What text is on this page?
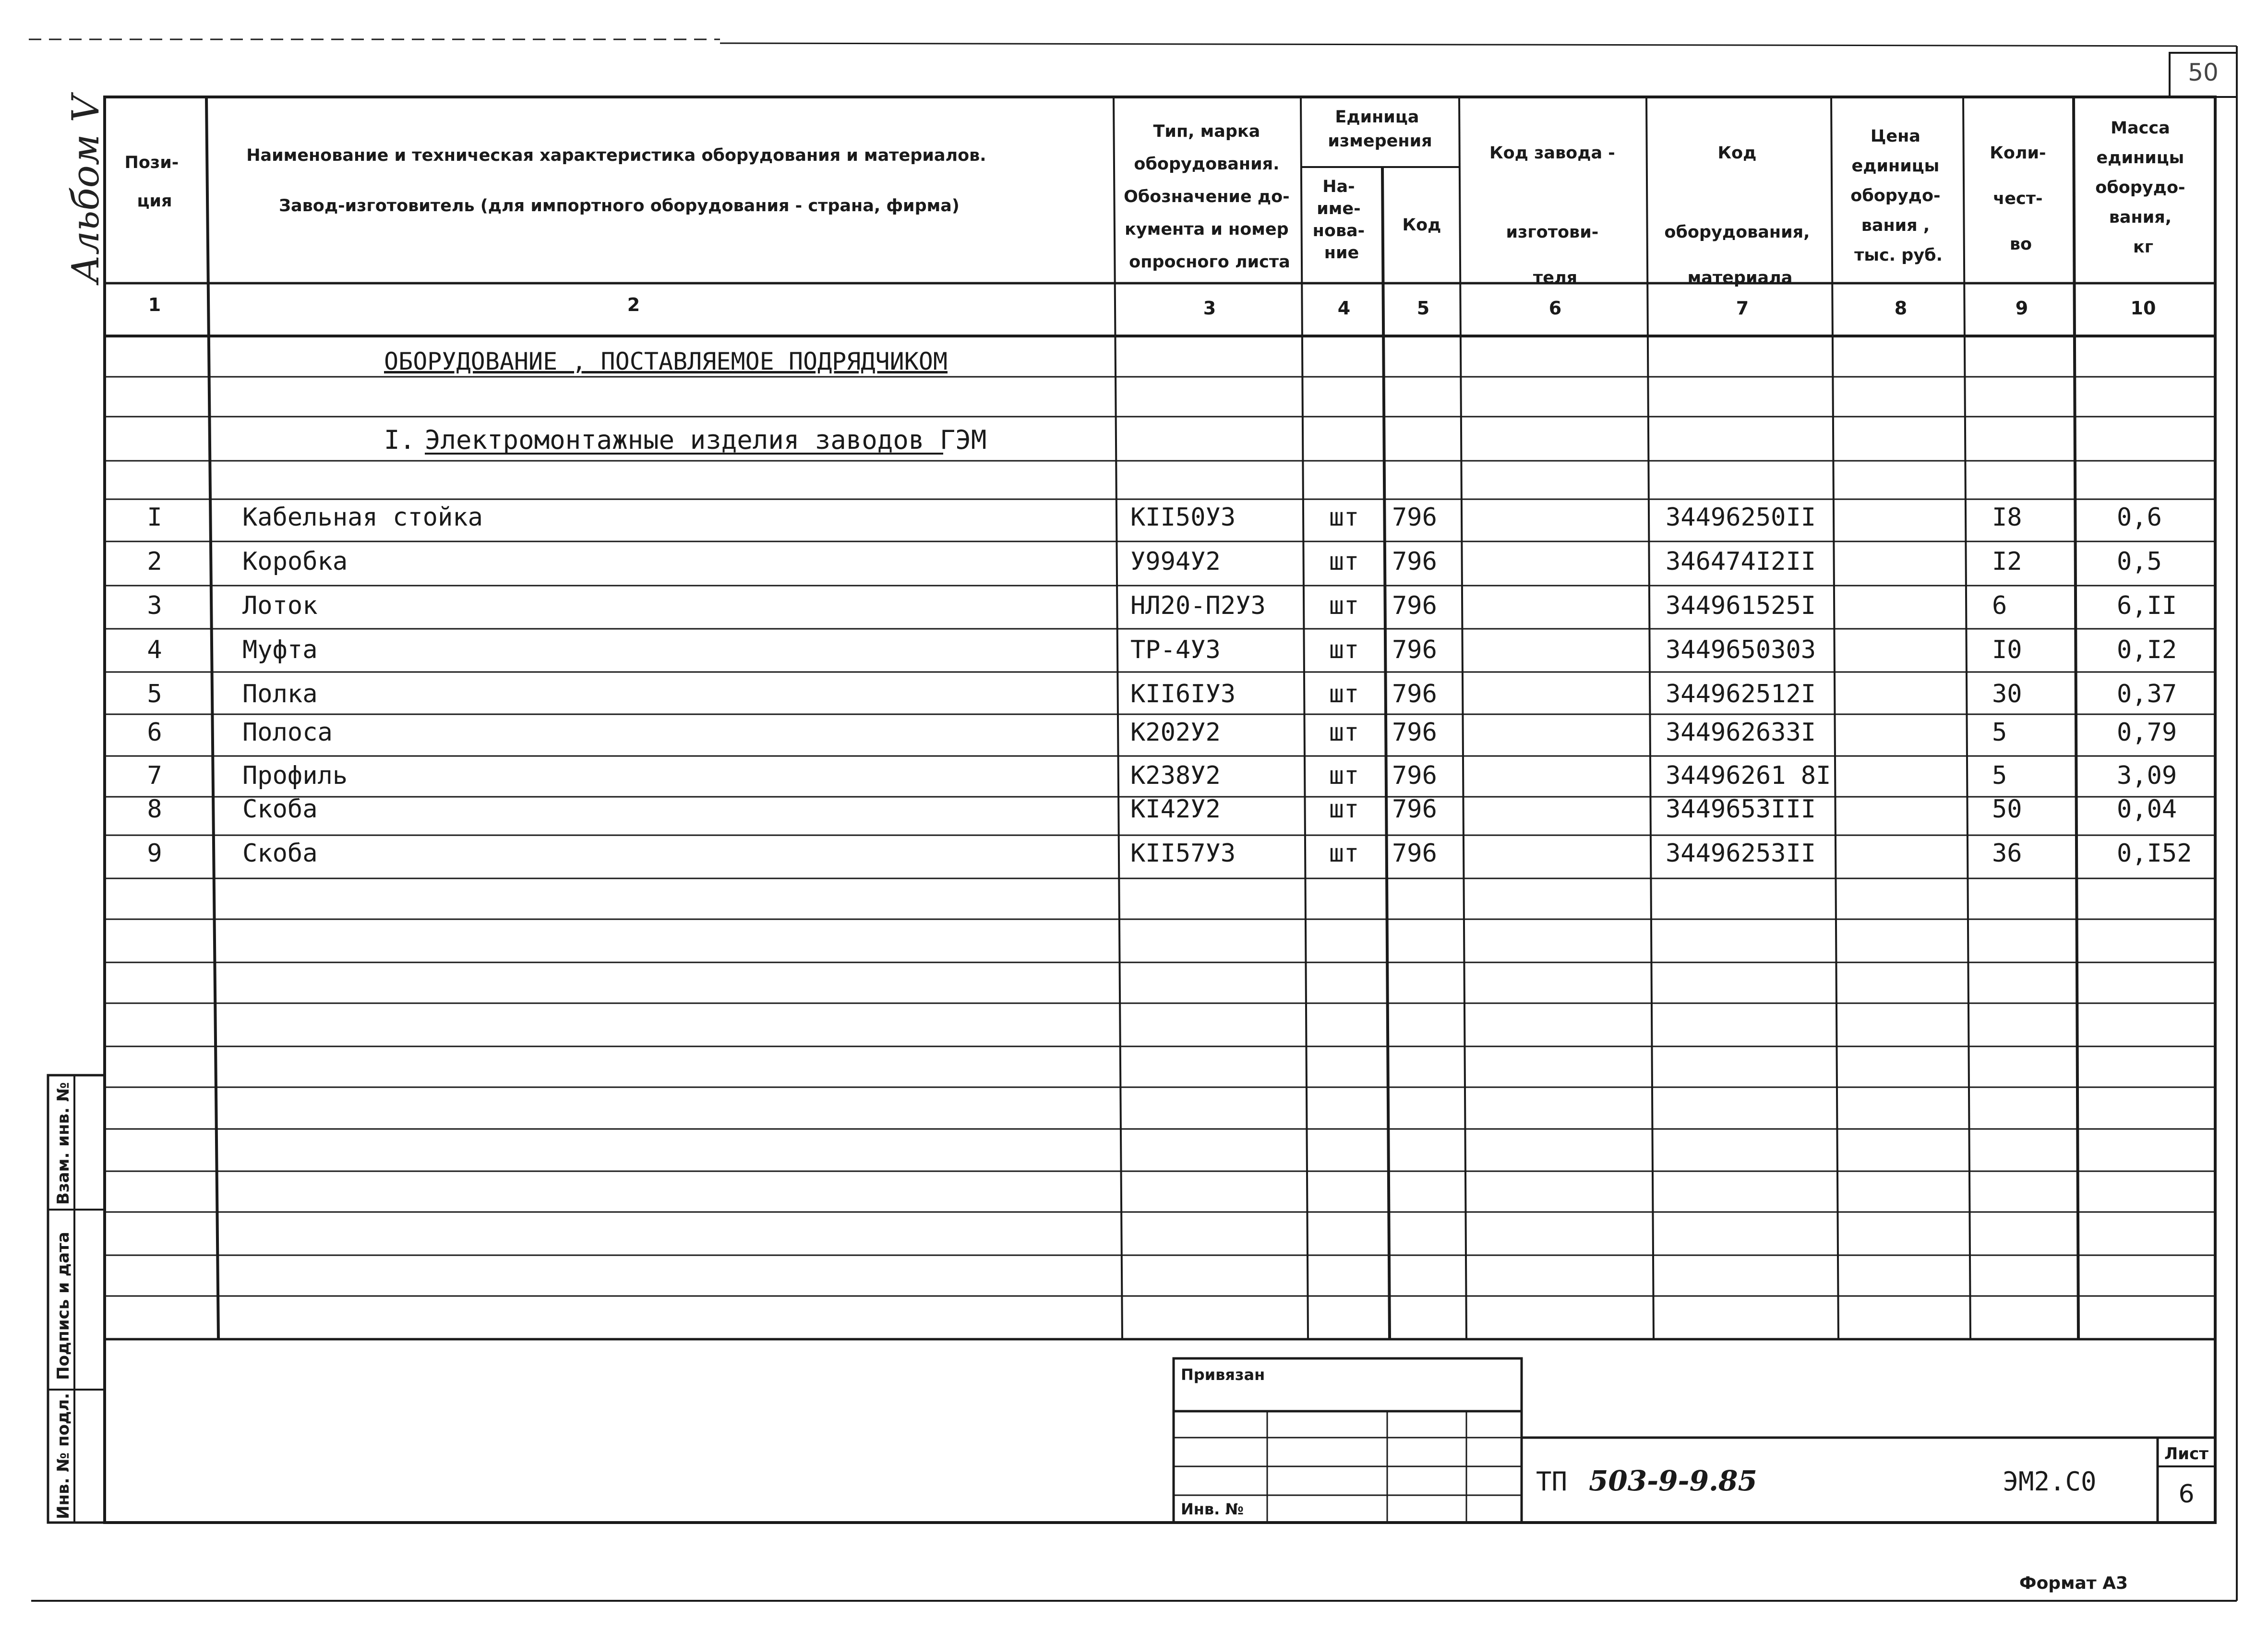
50
Альбом V Пози- ция
Наименование и техническая характеристика оборудования и материалов. Завод-изготовитель (для импортного оборудования - страна, фирма)
Тип, марка оборудования. Обозначение до- кумента и номер опросного листа
Единица измерения
На- име- нова- ние
Код
Код завода - изготови- теля
Код оборудования, материала
Цена единицы оборудо- вания , тыс. руб.
Коли- чест- во
Масса единицы оборудо- вания, кг
1	2	3	4	5	6	7	8	9	10
ОБОРУДОВАНИЕ , ПОСТАВЛЯЕМОЕ ПОДРЯДЧИКОМ
I. Электромонтажные изделия заводов ГЭМ
I	Кабельная стойка	КII50У3	шт 796	34496250II	I8	0,6
2	Коробка	У994У2	шт 796	346474I2II	I2	0,5
3	Лоток	НЛ20-П2У3	шт 796	344961525I	6	6,II
4	Муфта	ТР-4У3	шт 796	3449650303	I0	0,I2
5	Полка	КII6IУ3	шт 796	344962512I	30	0,37
6	Полоса	К202У2	шт 796	344962633I	5	0,79
7	Профиль	К238У2	шт 796	34496261 8I	5	3,09
8	Скоба	КI42У2	шт 796	3449653III	50	0,04
9	Скоба	КII57У3	шт 796	34496253II	36	0,I52
Инв. № подл.
Подпись и дата
Взам. инв. №
Привязан
Инв. №
ТП 503-9-9.85	ЭМ2.С0
Лист
6
Формат А3
